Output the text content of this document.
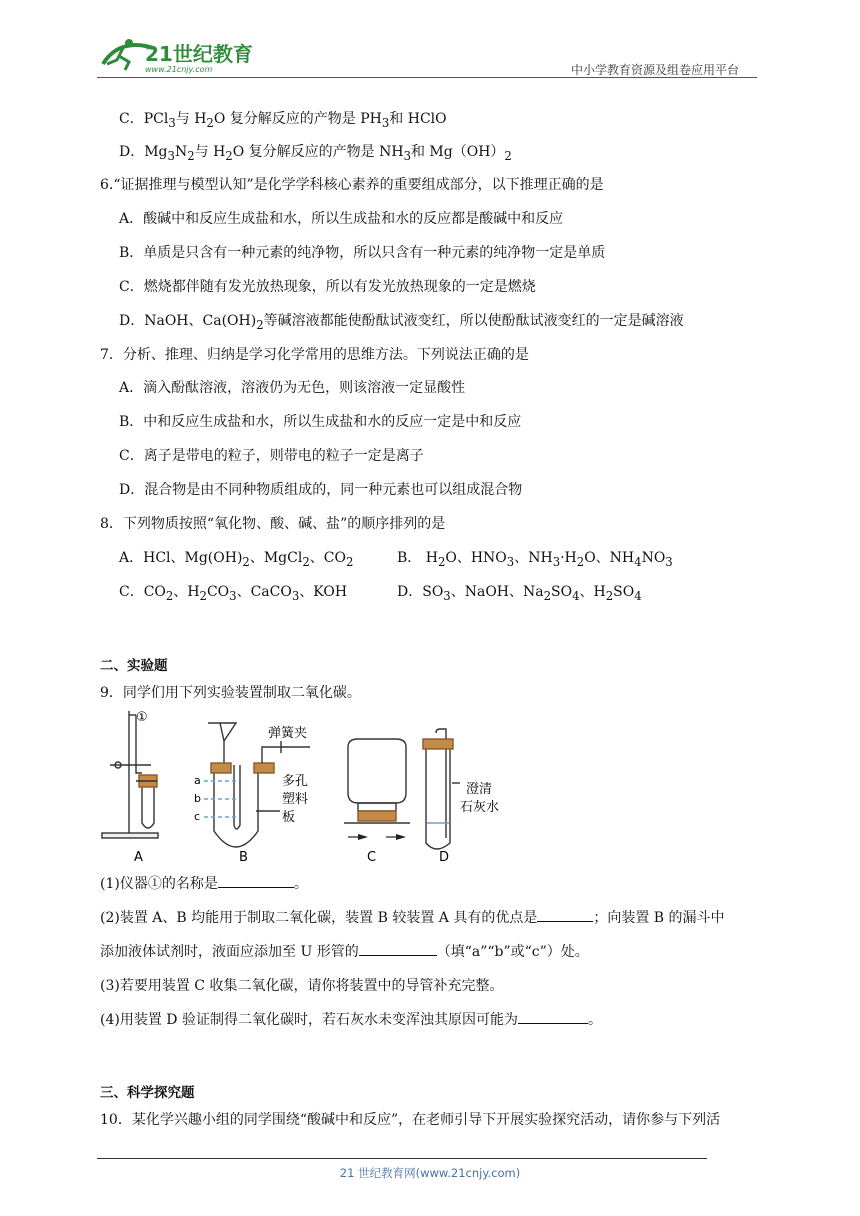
21世纪教育
www.21cnjy.com	中小学教育资源及组卷应用平台
C．PCl$_3$与 $H_2O$ 复分解反应的产物是 $PH_3$和 HClO
D．$Mg_3N_2$与 $H_2O$ 复分解反应的产物是 $NH_3$和 $Mg(OH)_2$
6.“证据推理与模型认知”是化学学科核心素养的重要组成部分，以下推理正确的是
A．酸碱中和反应生成盐和水，所以生成盐和水的反应都是酸碱中和反应
B．单质是只含有一种元素的纯净物，所以只含有一种元素的纯净物一定是单质
C．燃烧都伴随有发光放热现象，所以有发光放热现象的一定是燃烧
D．NaOH、$Ca(OH)_2$等碱溶液都能使酚酞试液变红，所以使酚酞试液变红的一定是碱溶液
7．分析、推理、归纳是学习化学常用的思维方法。下列说法正确的是
A．滴入酚酞溶液，溶液仍为无色，则该溶液一定显酸性
B．中和反应生成盐和水，所以生成盐和水的反应一定是中和反应
C．离子是带电的粒子，则带电的粒子一定是离子
D．混合物是由不同种物质组成的，同一种元素也可以组成混合物
8．下列物质按照“氧化物、酸、碱、盐”的顺序排列的是
A．HCl、$Mg(OH)_2$、MgCl$_2$、$CO_2$	B． $H_2O$、$HNO_3$、$NH_3\cdot H_2O$、$NH_4NO_3$
C．$CO_2$、$H_2CO_3$、CaCO$_3$、KOH	D．$SO_3$、NaOH、$Na_2SO_4$、$H_2SO_4$
二、实验题
9．同学们用下列实验装置制取二氧化碳。
①
弹簧夹
多孔
塑料
板
澄清
石灰水
a
b
c
A	B	C	D
(1)仪器①的名称是	。
(2)装置 A、B 均能用于制取二氧化碳，装置 B 较装置 A 具有的优点是	；向装置 B 的漏斗中
添加液体试剂时，液面应添加至 U 形管的	（填“a”“b”或“c”）处。
(3)若要用装置 C 收集二氧化碳，请你将装置中的导管补充完整。
(4)用装置 D 验证制得二氧化碳时，若石灰水未变浑浊其原因可能为	。
三、科学探究题
10．某化学兴趣小组的同学围绕“酸碱中和反应”，在老师引导下开展实验探究活动，请你参与下列活
21 世纪教育网(www.21cnjy.com)
